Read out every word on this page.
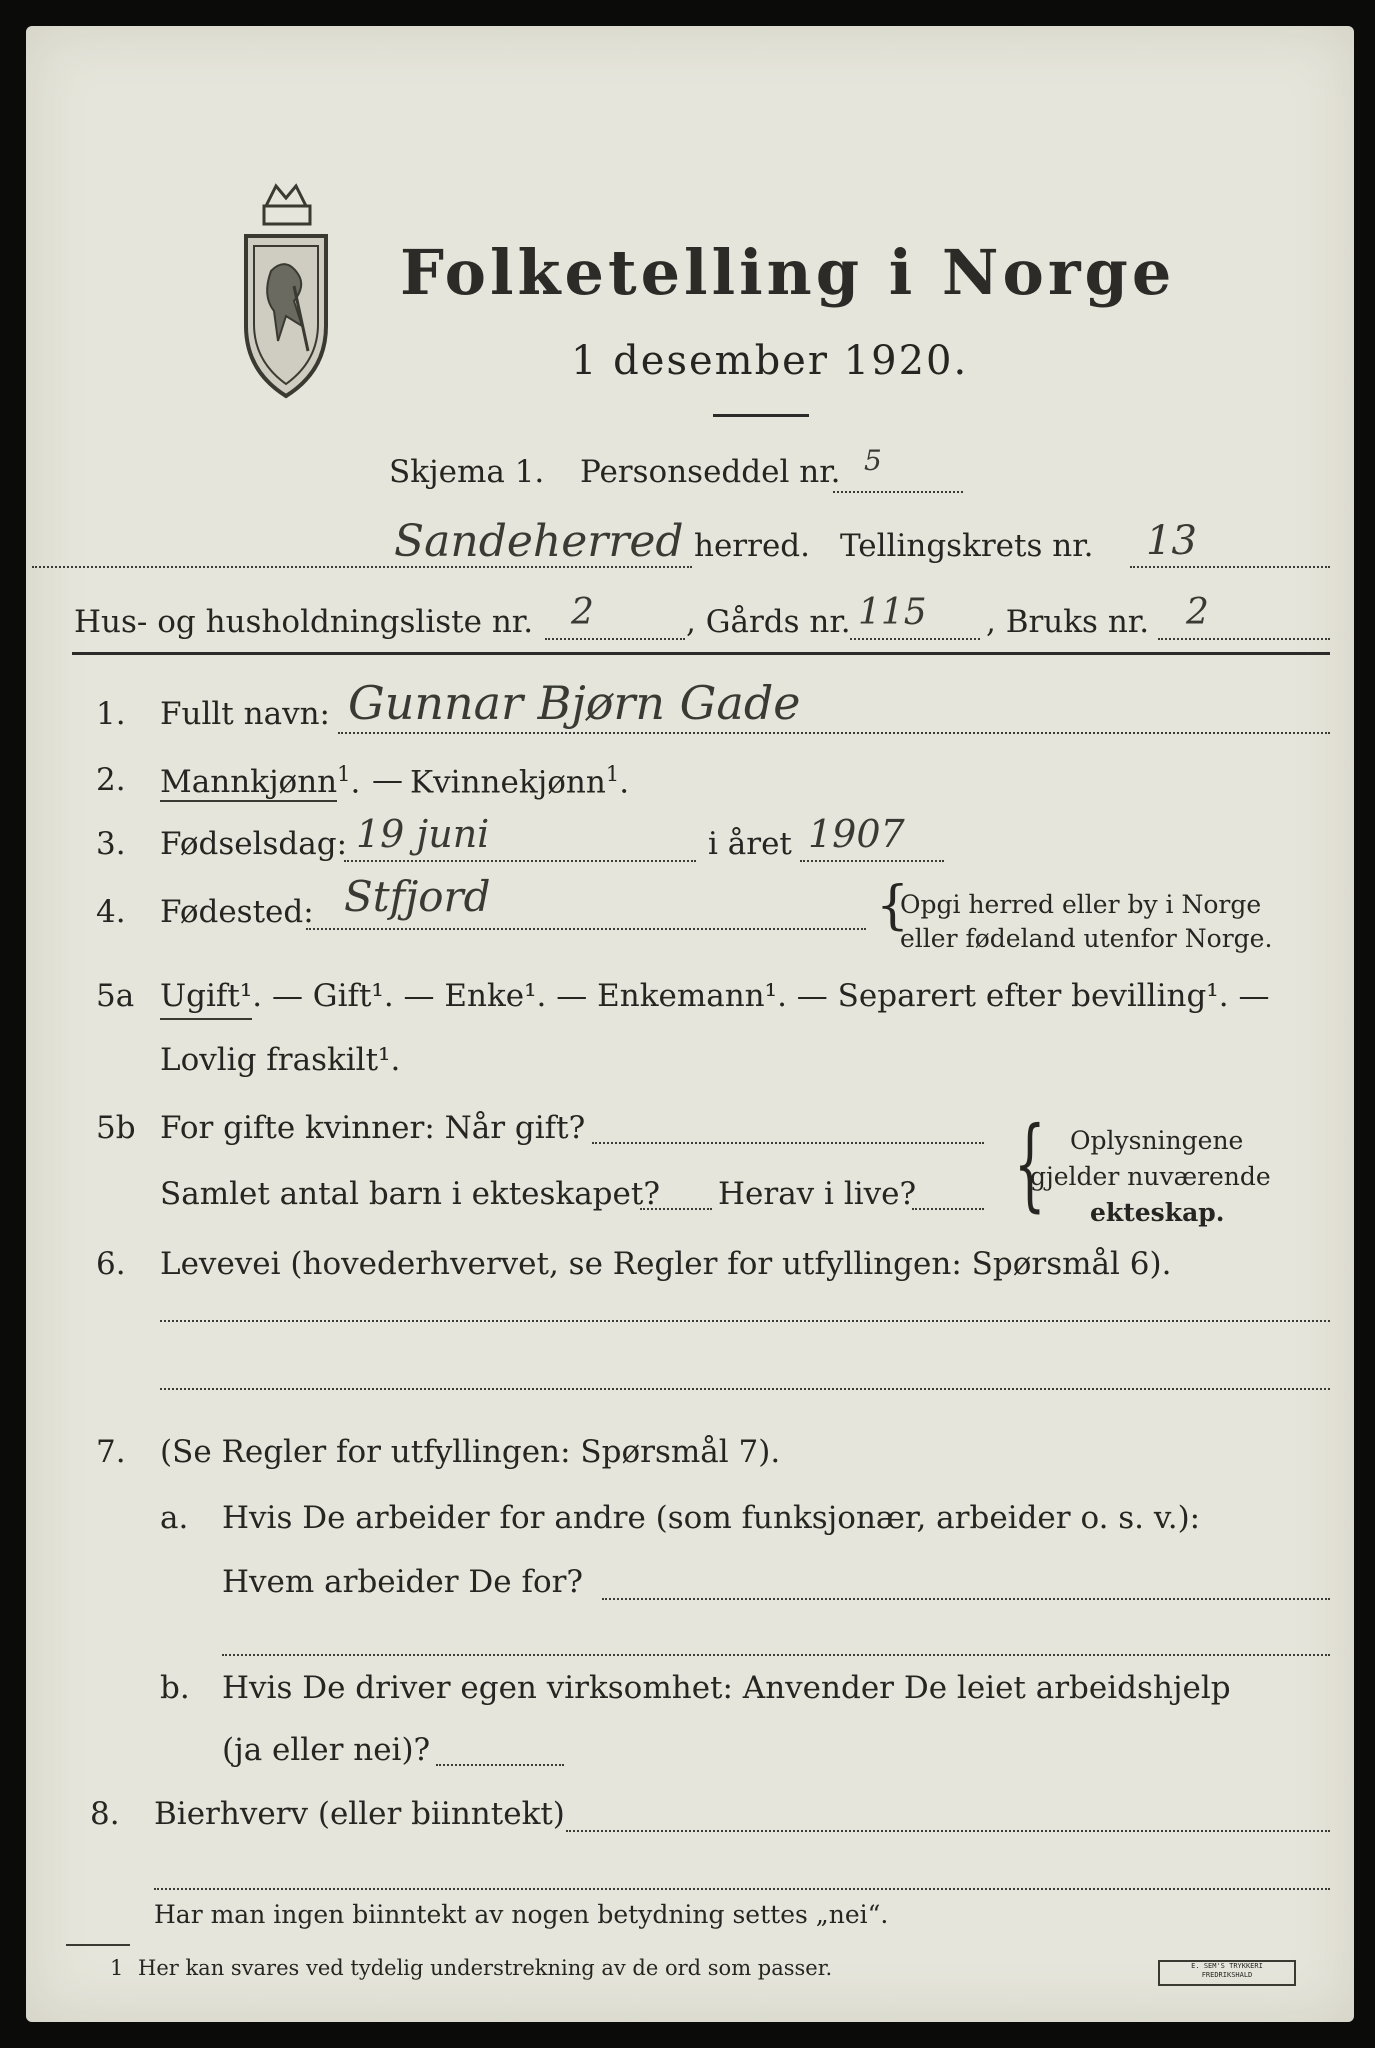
Folketelling i Norge
1 desember 1920.
Skjema 1. Personseddel nr. 5
Sandeherred herred. Tellingskrets nr. 13
Hus- og husholdningsliste nr. 2	, Gårds nr. 115 , Bruks nr. 2
1. Fullt navn: Gunnar Bjørn Gade
2. Mannkjønn$^1$. — Kvinnekjønn$^1$.
3. Fødselsdag: 19 juni	i året 1907
4. Fødested: Stfjord	{
Opgi herred eller by i Norge
eller fødeland utenfor Norge.
5a Ugift¹. — Gift¹. — Enke¹. — Enkemann¹. — Separert efter bevilling¹. —
Lovlig fraskilt¹.
5b For gifte kvinner: Når gift?
Samlet antal barn i ekteskapet? Herav i live? { Oplysningene
gjelder nuværende
ekteskap.
6. Levevei (hovederhvervet, se Regler for utfyllingen: Spørsmål 6).
7. (Se Regler for utfyllingen: Spørsmål 7).
a. Hvis De arbeider for andre (som funksjonær, arbeider o. s. v.):
Hvem arbeider De for?
b. Hvis De driver egen virksomhet: Anvender De leiet arbeidshjelp
(ja eller nei)?
8. Bierhverv (eller biinntekt)
Har man ingen biinntekt av nogen betydning settes „nei“.
1 Her kan svares ved tydelig understrekning av de ord som passer.	E. SEM'S TRYKKERI
FREDRIKSHALD
